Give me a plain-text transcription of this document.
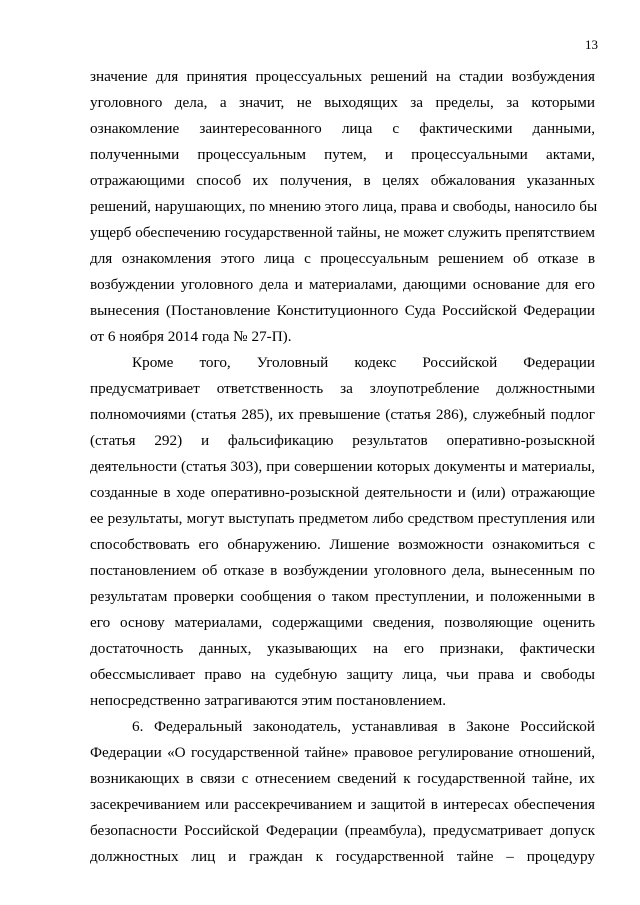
13
значение для принятия процессуальных решений на стадии возбуждения
уголовного дела, а значит, не выходящих за пределы, за которыми
ознакомление заинтересованного лица с фактическими данными,
полученными процессуальным путем, и процессуальными актами,
отражающими способ их получения, в целях обжалования указанных
решений, нарушающих, по мнению этого лица, права и свободы, наносило бы
ущерб обеспечению государственной тайны, не может служить препятствием
для ознакомления этого лица с процессуальным решением об отказе в
возбуждении уголовного дела и материалами, дающими основание для его
вынесения (Постановление Конституционного Суда Российской Федерации
от 6 ноября 2014 года № 27-П).
Кроме того, Уголовный кодекс Российской Федерации
предусматривает ответственность за злоупотребление должностными
полномочиями (статья 285), их превышение (статья 286), служебный подлог
(статья 292) и фальсификацию результатов оперативно-розыскной
деятельности (статья 303), при совершении которых документы и материалы,
созданные в ходе оперативно-розыскной деятельности и (или) отражающие
ее результаты, могут выступать предметом либо средством преступления или
способствовать его обнаружению. Лишение возможности ознакомиться с
постановлением об отказе в возбуждении уголовного дела, вынесенным по
результатам проверки сообщения о таком преступлении, и положенными в
его основу материалами, содержащими сведения, позволяющие оценить
достаточность данных, указывающих на его признаки, фактически
обессмысливает право на судебную защиту лица, чьи права и свободы
непосредственно затрагиваются этим постановлением.
6. Федеральный законодатель, устанавливая в Законе Российской
Федерации «О государственной тайне» правовое регулирование отношений,
возникающих в связи с отнесением сведений к государственной тайне, их
засекречиванием или рассекречиванием и защитой в интересах обеспечения
безопасности Российской Федерации (преамбула), предусматривает допуск
должностных лиц и граждан к государственной тайне – процедуру
